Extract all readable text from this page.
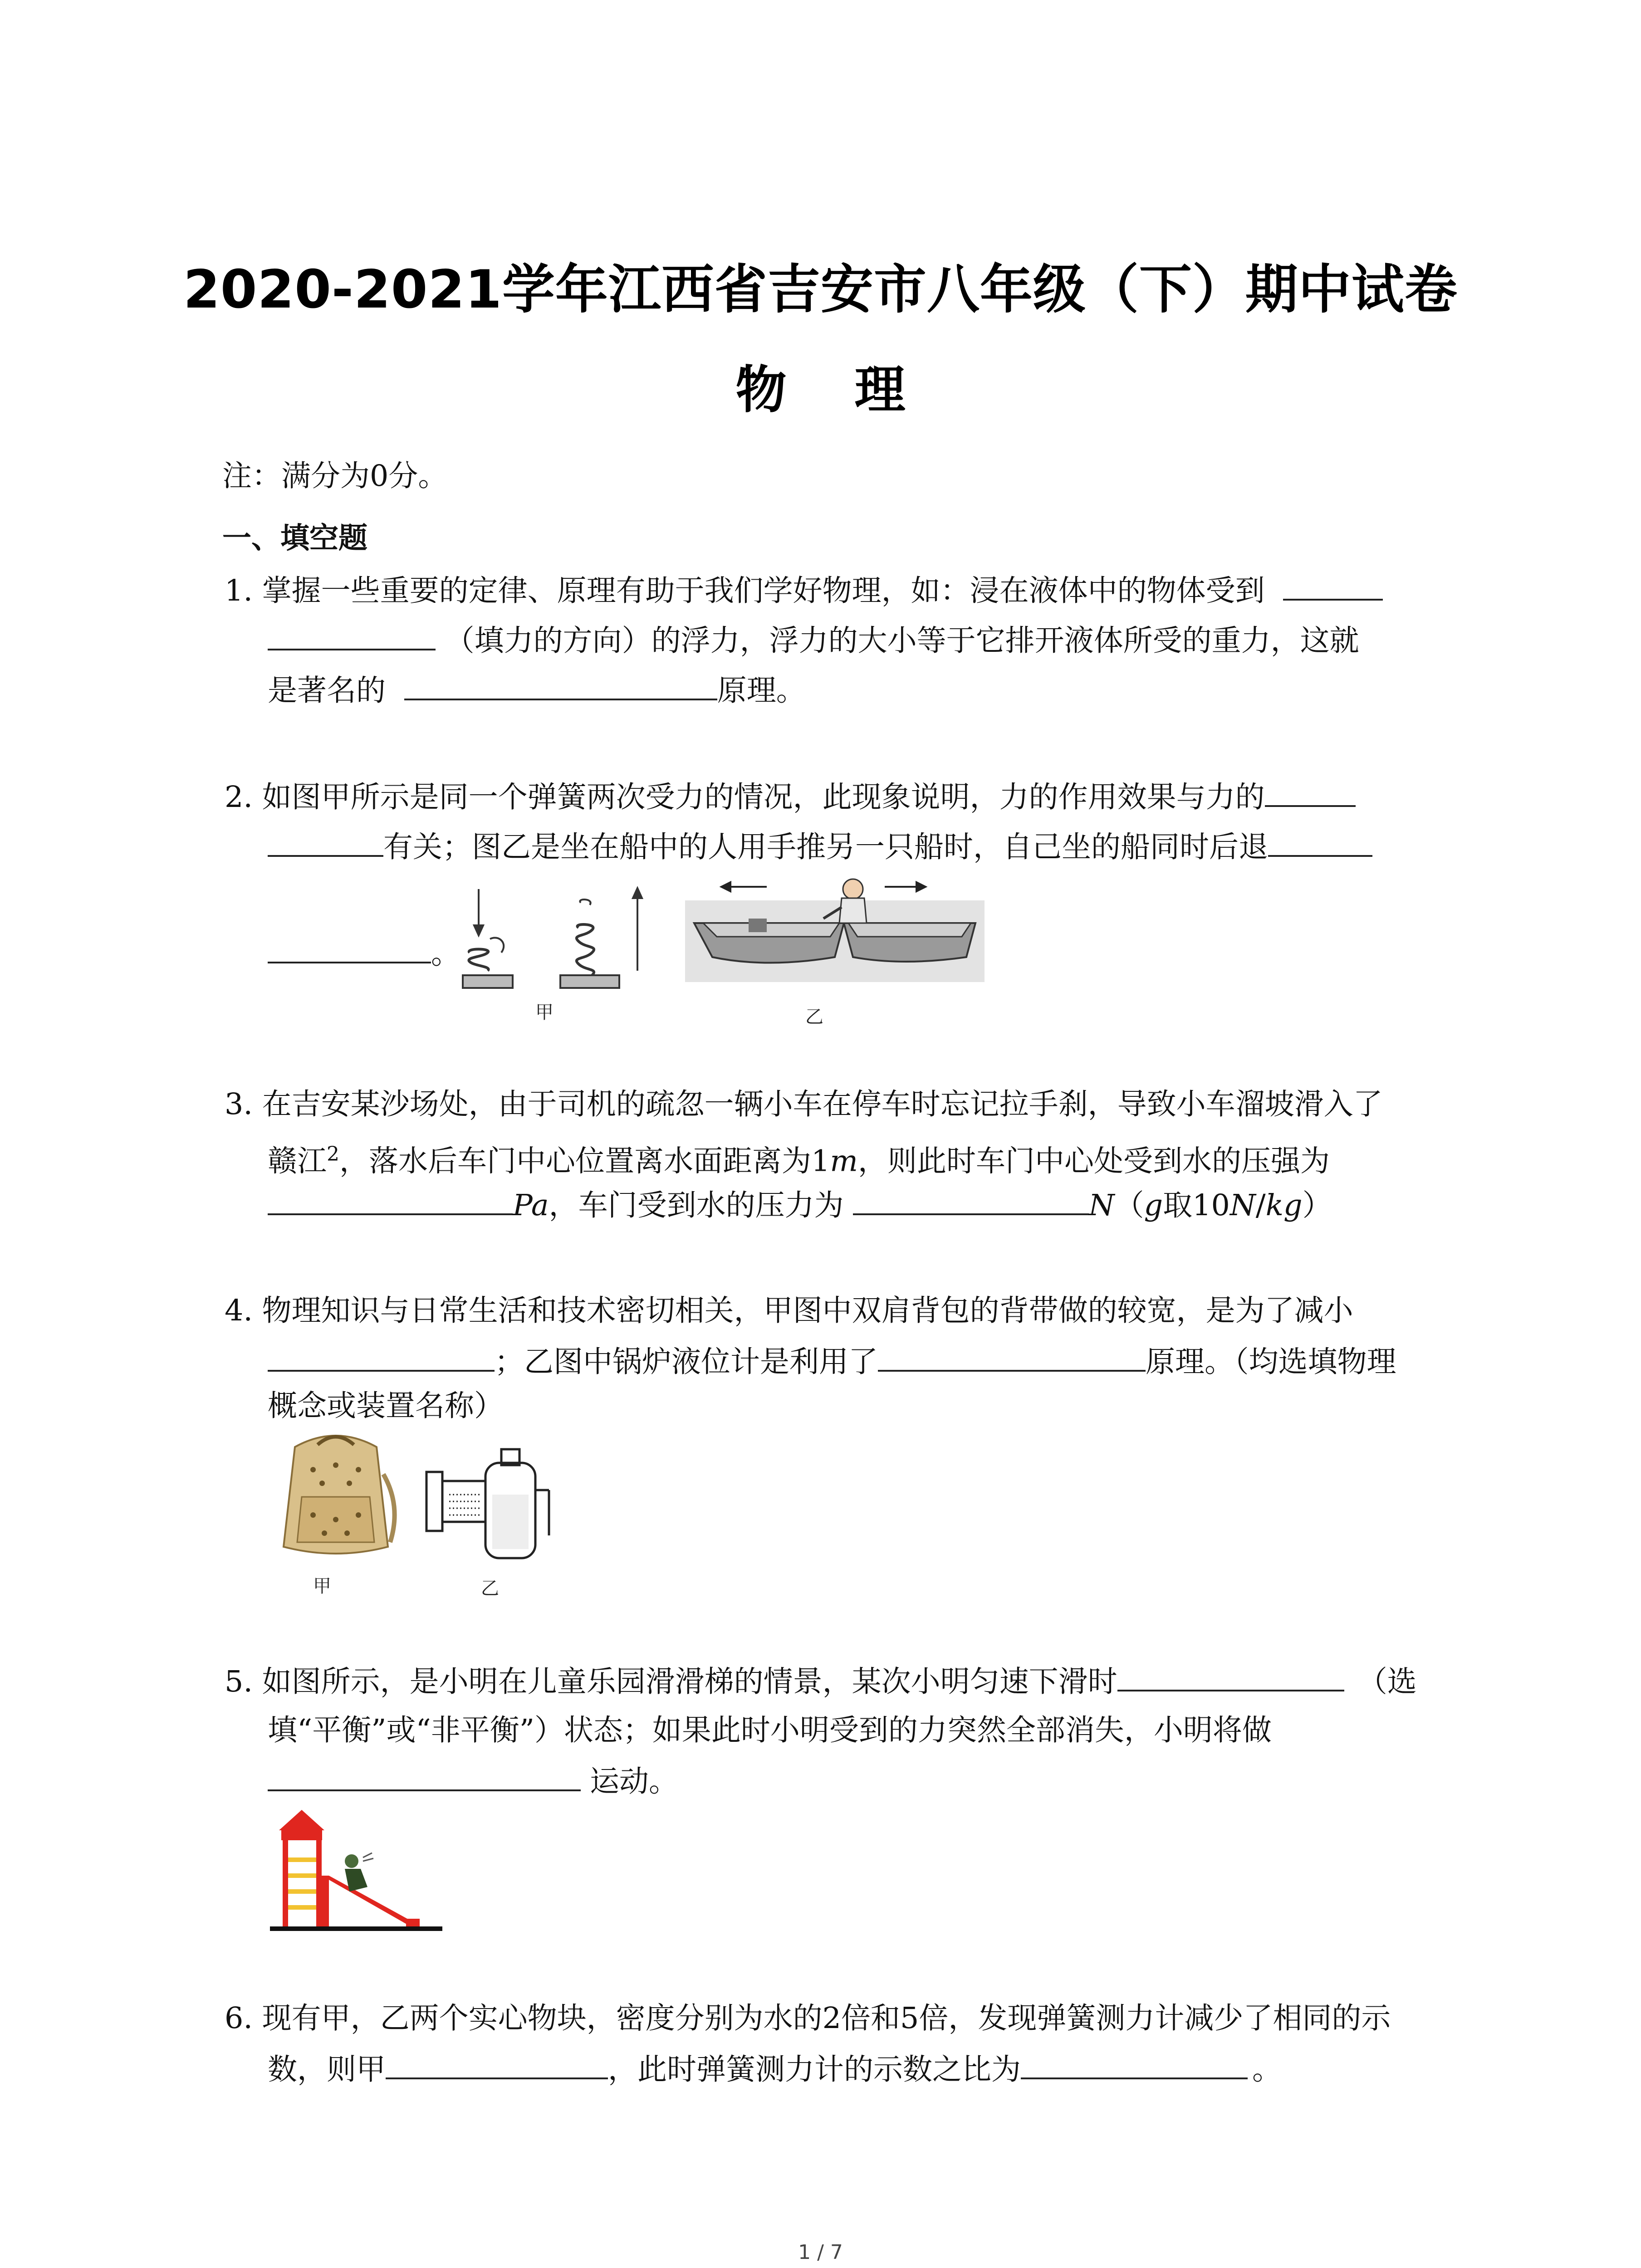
2020-2021学年江西省吉安市八年级（下）期中试卷
物理
注：满分为0分。
一、填空题
1. 掌握一些重要的定律、原理有助于我们学好物理，如：浸在液体中的物体受到
（填力的方向）的浮力，浮力的大小等于它排开液体所受的重力，这就
是著名的	原理。
2. 如图甲所示是同一个弹簧两次受力的情况，此现象说明，力的作用效果与力的
有关；图乙是坐在船中的人用手推另一只船时，自己坐的船同时后退
。
甲	乙
3. 在吉安某沙场处，由于司机的疏忽一辆小车在停车时忘记拉手刹，导致小车溜坡滑入了
赣江$^2$，落水后车门中心位置离水面距离为1m，则此时车门中心处受到水的压强为
Pa，车门受到水的压力为	N（g取10N/kg）
4. 物理知识与日常生活和技术密切相关，甲图中双肩背包的背带做的较宽，是为了减小
；乙图中锅炉液位计是利用了	原理。（均选填物理
概念或装置名称）
甲	乙
5. 如图所示，是小明在儿童乐园滑滑梯的情景，某次小明匀速下滑时	（选
填“平衡”或“非平衡”）状态；如果此时小明受到的力突然全部消失，小明将做
运动。
6. 现有甲，乙两个实心物块，密度分别为水的2倍和5倍，发现弹簧测力计减少了相同的示
数，则甲	，此时弹簧测力计的示数之比为	。
1 / 7
